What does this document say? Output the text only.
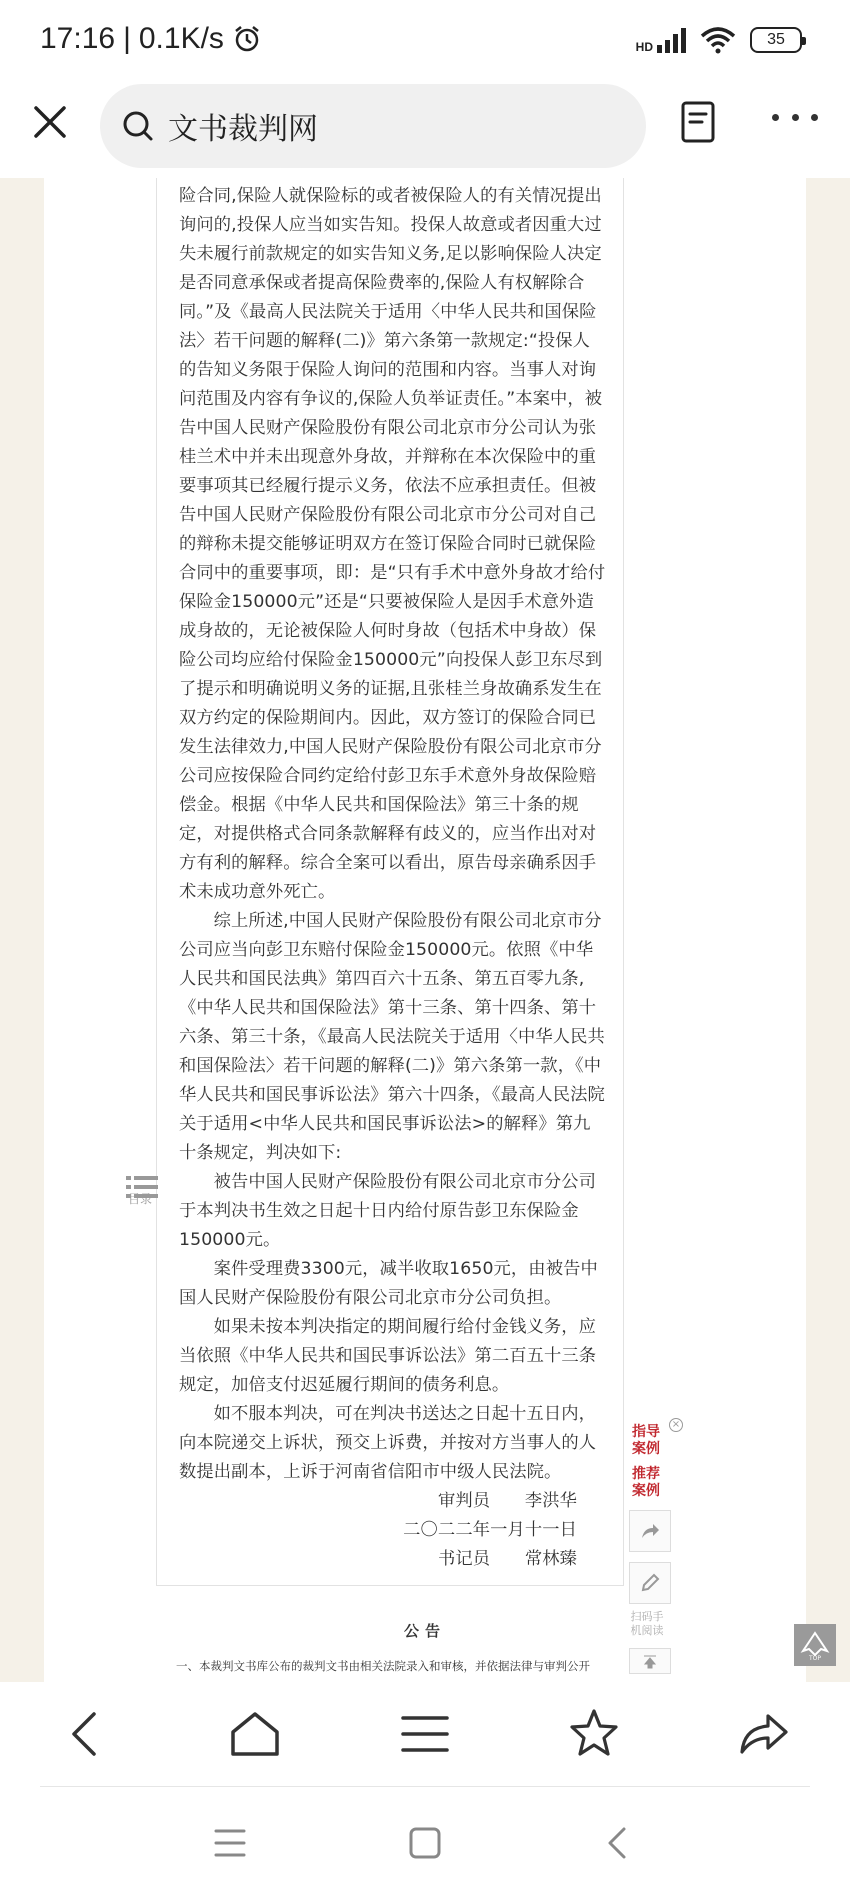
17:16 | 0.1K/s	HD	35
文书裁判网

险合同,保险人就保险标的或者被保险人的有关情况提出询问的,投保人应当如实告知。投保人故意或者因重大过失未履行前款规定的如实告知义务,足以影响保险人决定是否同意承保或者提高保险费率的,保险人有权解除合同。”及《最高人民法院关于适用〈中华人民共和国保险法〉若干问题的解释(二)》第六条第一款规定:“投保人的告知义务限于保险人询问的范围和内容。当事人对询问范围及内容有争议的,保险人负举证责任。”本案中，被告中国人民财产保险股份有限公司北京市分公司认为张桂兰术中并未出现意外身故，并辩称在本次保险中的重要事项其已经履行提示义务，依法不应承担责任。但被告中国人民财产保险股份有限公司北京市分公司对自己的辩称未提交能够证明双方在签订保险合同时已就保险合同中的重要事项，即：是“只有手术中意外身故才给付保险金150000元”还是“只要被保险人是因手术意外造成身故的，无论被保险人何时身故（包括术中身故）保险公司均应给付保险金150000元”向投保人彭卫东尽到了提示和明确说明义务的证据,且张桂兰身故确系发生在双方约定的保险期间内。因此，双方签订的保险合同已发生法律效力,中国人民财产保险股份有限公司北京市分公司应按保险合同约定给付彭卫东手术意外身故保险赔偿金。根据《中华人民共和国保险法》第三十条的规定，对提供格式合同条款解释有歧义的，应当作出对对方有利的解释。综合全案可以看出，原告母亲确系因手术未成功意外死亡。

综上所述,中国人民财产保险股份有限公司北京市分公司应当向彭卫东赔付保险金150000元。依照《中华人民共和国民法典》第四百六十五条、第五百零九条,《中华人民共和国保险法》第十三条、第十四条、第十六条、第三十条，《最高人民法院关于适用〈中华人民共和国保险法〉若干问题的解释(二)》第六条第一款，《中华人民共和国民事诉讼法》第六十四条，《最高人民法院关于适用<中华人民共和国民事诉讼法>的解释》第九十条规定，判决如下:

被告中国人民财产保险股份有限公司北京市分公司于本判决书生效之日起十日内给付原告彭卫东保险金150000元。

案件受理费3300元，减半收取1650元，由被告中国人民财产保险股份有限公司北京市分公司负担。

如果未按本判决指定的期间履行给付金钱义务，应当依照《中华人民共和国民事诉讼法》第二百五十三条规定，加倍支付迟延履行期间的债务利息。

如不服本判决，可在判决书送达之日起十五日内，向本院递交上诉状，预交上诉费，并按对方当事人的人数提出副本，上诉于河南省信阳市中级人民法院。

审判员　　李洪华

二〇二二年一月十一日

书记员　　常林臻

目录
×
指导案例
推荐案例
扫码手机阅读
公告
一、本裁判文书库公布的裁判文书由相关法院录入和审核，并依据法律与审判公开
TOP
